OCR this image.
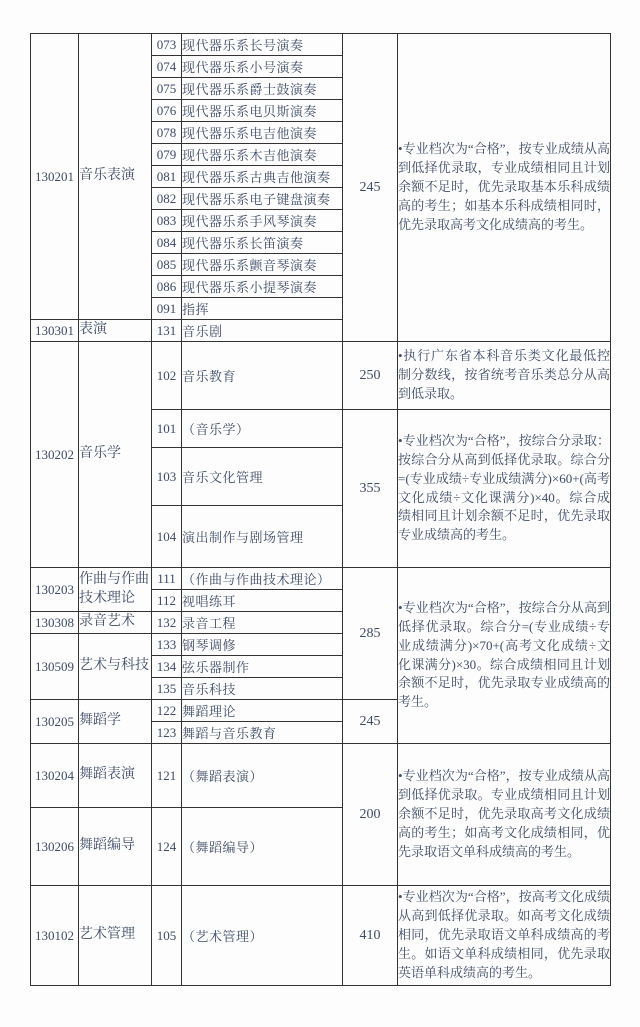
130201	音乐表演	073	现代器乐系长号演奏	245	•专业档次为“合格”，按专业成绩从高到低择优录取，专业成绩相同且计划余额不足时，优先录取基本乐科成绩高的考生；如基本乐科成绩相同时，优先录取高考文化成绩高的考生。
		074	现代器乐系小号演奏		
		075	现代器乐系爵士鼓演奏		
		076	现代器乐系电贝斯演奏		
		078	现代器乐系电吉他演奏		
		079	现代器乐系木吉他演奏		
		081	现代器乐系古典吉他演奏		
		082	现代器乐系电子键盘演奏		
		083	现代器乐系手风琴演奏		
		084	现代器乐系长笛演奏		
		085	现代器乐系颤音琴演奏		
		086	现代器乐系小提琴演奏		
		091	指挥		
130301	表演	131	音乐剧		
130202	音乐学	102	音乐教育	250	•执行广东省本科音乐类文化最低控制分数线，按省统考音乐类总分从高到低录取。
		101	（音乐学）	355	•专业档次为“合格”，按综合分录取：按综合分从高到低择优录取。综合分=(专业成绩÷专业成绩满分)×60+(高考文化成绩÷文化课满分)×40。综合成绩相同且计划余额不足时，优先录取专业成绩高的考生。
		103	音乐文化管理		
		104	演出制作与剧场管理		
130203	作曲与作曲技术理论	111	（作曲与作曲技术理论）	285	•专业档次为“合格”，按综合分从高到低择优录取。综合分=(专业成绩÷专业成绩满分)×70+(高考文化成绩÷文化课满分)×30。综合成绩相同且计划余额不足时，优先录取专业成绩高的考生。
		112	视唱练耳		
130308	录音艺术	132	录音工程		
130509	艺术与科技	133	钢琴调修		
		134	弦乐器制作		
		135	音乐科技		
130205	舞蹈学	122	舞蹈理论	245	
		123	舞蹈与音乐教育		
130204	舞蹈表演	121	（舞蹈表演）	200	•专业档次为“合格”，按专业成绩从高到低择优录取。专业成绩相同且计划余额不足时，优先录取高考文化成绩高的考生；如高考文化成绩相同，优先录取语文单科成绩高的考生。
130206	舞蹈编导	124	（舞蹈编导）		
130102	艺术管理	105	（艺术管理）	410	•专业档次为“合格”，按高考文化成绩从高到低择优录取。如高考文化成绩相同，优先录取语文单科成绩高的考生。如语文单科成绩相同，优先录取英语单科成绩高的考生。
